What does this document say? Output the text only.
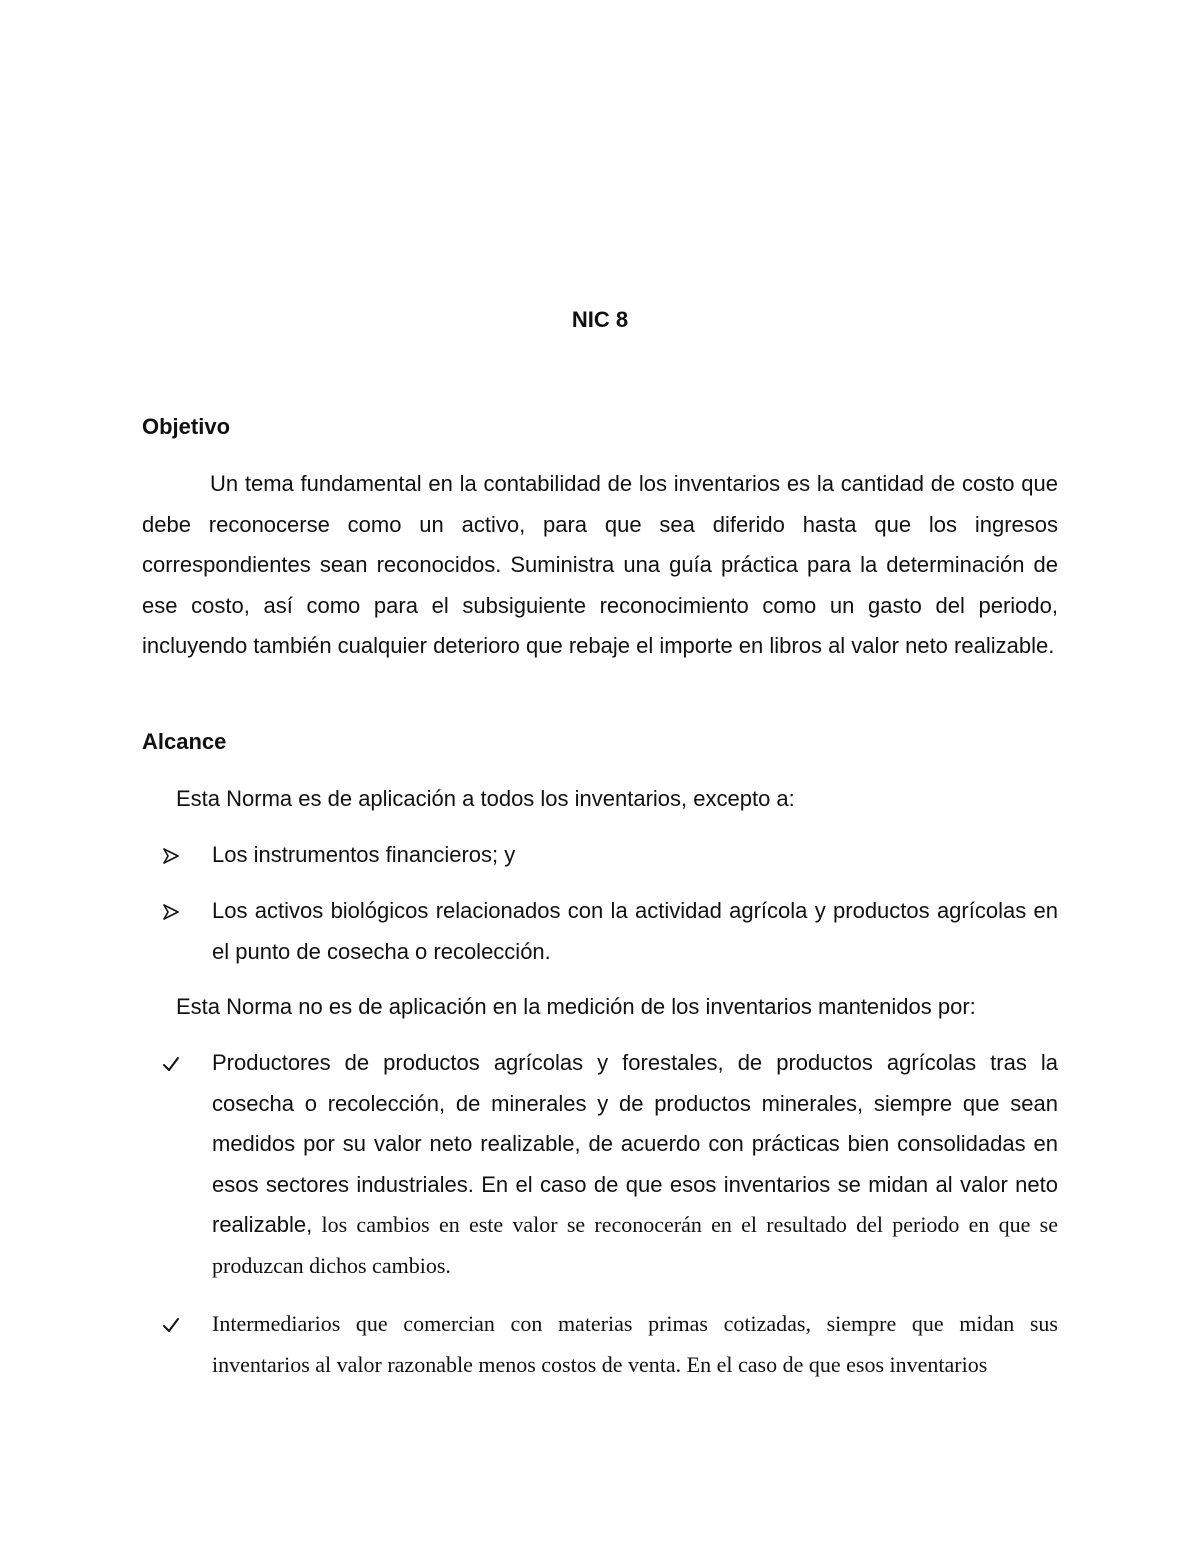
NIC 8
Objetivo
Un tema fundamental en la contabilidad de los inventarios es la cantidad de costo que debe reconocerse como un activo, para que sea diferido hasta que los ingresos correspondientes sean reconocidos. Suministra una guía práctica para la determinación de ese costo, así como para el subsiguiente reconocimiento como un gasto del periodo, incluyendo también cualquier deterioro que rebaje el importe en libros al valor neto realizable.
Alcance
Esta Norma es de aplicación a todos los inventarios, excepto a:
Los instrumentos financieros; y
Los activos biológicos relacionados con la actividad agrícola y productos agrícolas en el punto de cosecha o recolección.
Esta Norma no es de aplicación en la medición de los inventarios mantenidos por:
Productores de productos agrícolas y forestales, de productos agrícolas tras la cosecha o recolección, de minerales y de productos minerales, siempre que sean medidos por su valor neto realizable, de acuerdo con prácticas bien consolidadas en esos sectores industriales. En el caso de que esos inventarios se midan al valor neto realizable, los cambios en este valor se reconocerán en el resultado del periodo en que se produzcan dichos cambios.
Intermediarios que comercian con materias primas cotizadas, siempre que midan sus inventarios al valor razonable menos costos de venta. En el caso de que esos inventarios
